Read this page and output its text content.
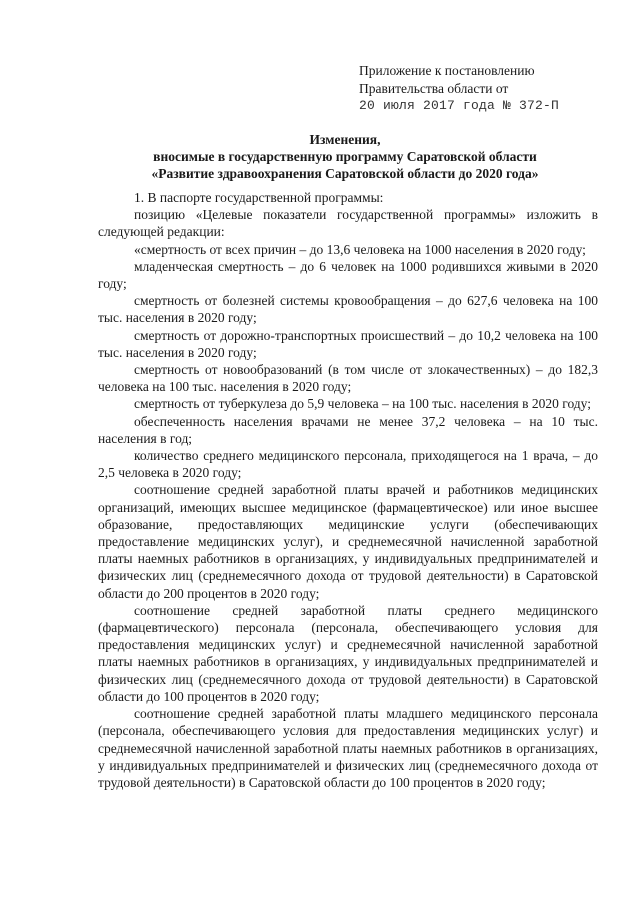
Приложение к постановлению
Правительства области от
20 июля 2017 года № 372-П
Изменения,
вносимые в государственную программу Саратовской области
«Развитие здравоохранения Саратовской области до 2020 года»

1. В паспорте государственной программы:

позицию «Целевые показатели государственной программы» изложить в следующей редакции:

«смертность от всех причин – до 13,6 человека на 1000 населения в 2020 году;

младенческая смертность – до 6 человек на 1000 родившихся живыми в 2020 году;

смертность от болезней системы кровообращения – до 627,6 человека на 100 тыс. населения в 2020 году;

смертность от дорожно-транспортных происшествий – до 10,2 человека на 100 тыс. населения в 2020 году;

смертность от новообразований (в том числе от злокачественных) – до 182,3 человека на 100 тыс. населения в 2020 году;

смертность от туберкулеза до 5,9 человека – на 100 тыс. населения в 2020 году;

обеспеченность населения врачами не менее 37,2 человека – на 10 тыс. населения в год;

количество среднего медицинского персонала, приходящегося на 1 врача, – до 2,5 человека в 2020 году;

соотношение средней заработной платы врачей и работников медицинских организаций, имеющих высшее медицинское (фармацевтическое) или иное высшее образование, предоставляющих медицинские услуги (обеспечивающих предоставление медицинских услуг), и среднемесячной начисленной заработной платы наемных работников в организациях, у индивидуальных предпринимателей и физических лиц (среднемесячного дохода от трудовой деятельности) в Саратовской области до 200 процентов в 2020 году;

соотношение средней заработной платы среднего медицинского (фармацевтического) персонала (персонала, обеспечивающего условия для предоставления медицинских услуг) и среднемесячной начисленной заработной платы наемных работников в организациях, у индивидуальных предпринимателей и физических лиц (среднемесячного дохода от трудовой деятельности) в Саратовской области до 100 процентов в 2020 году;

соотношение средней заработной платы младшего медицинского персонала (персонала, обеспечивающего условия для предоставления медицинских услуг) и среднемесячной начисленной заработной платы наемных работников в организациях, у индивидуальных предпринимателей и физических лиц (среднемесячного дохода от трудовой деятельности) в Саратовской области до 100 процентов в 2020 году;
